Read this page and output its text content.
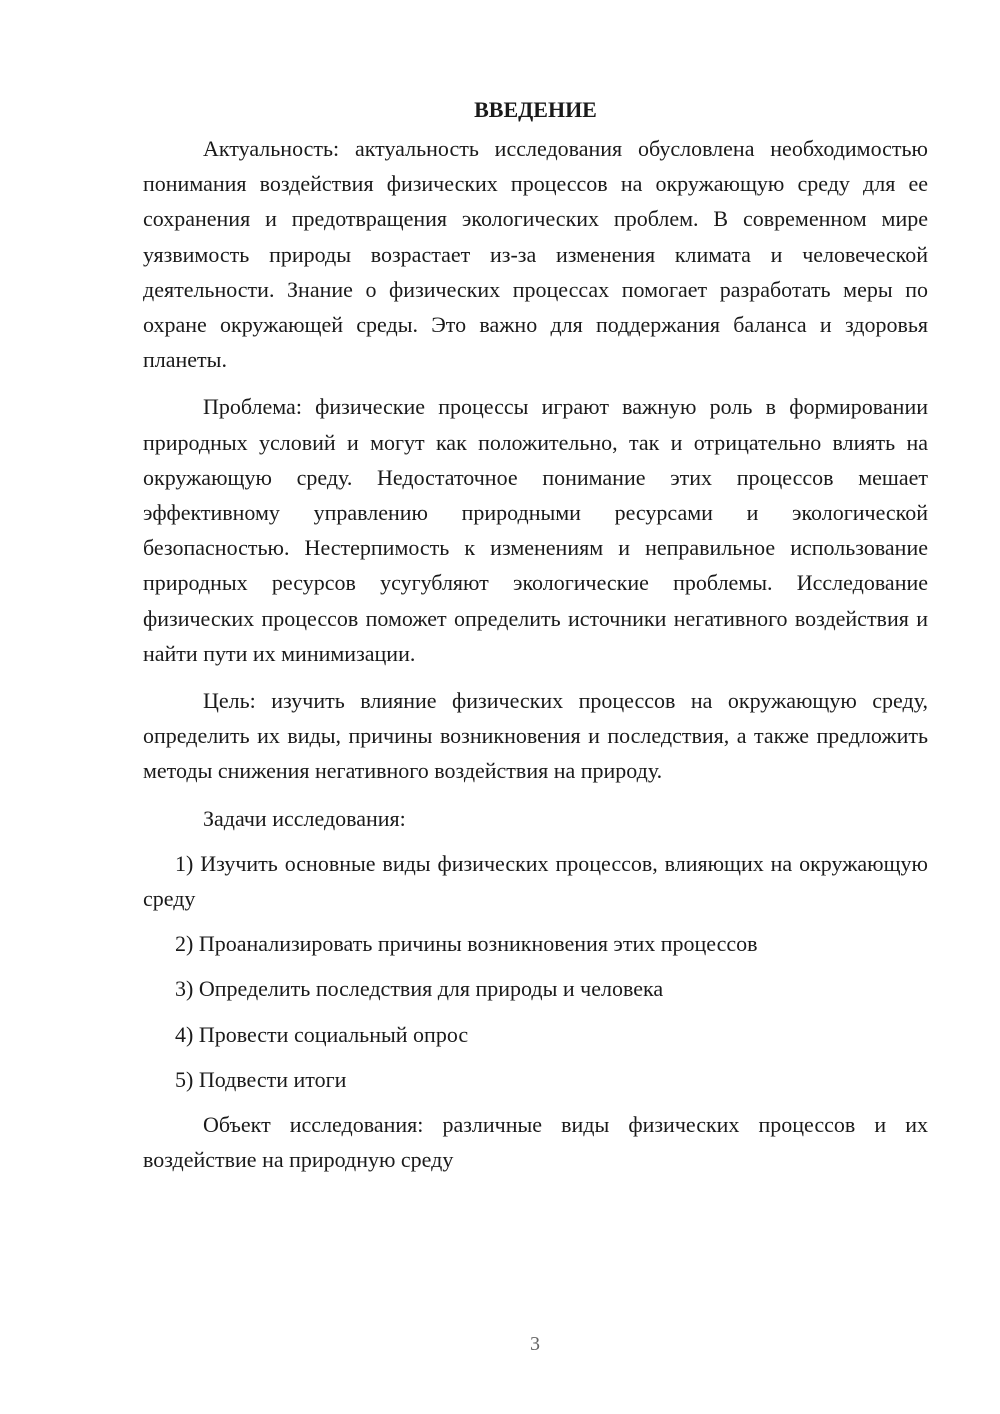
ВВЕДЕНИЕ

Актуальность: актуальность исследования обусловлена необходимостью понимания воздействия физических процессов на окружающую среду для ее сохранения и предотвращения экологических проблем. В современном мире уязвимость природы возрастает из-за изменения климата и человеческой деятельности. Знание о физических процессах помогает разработать меры по охране окружающей среды. Это важно для поддержания баланса и здоровья планеты.

Проблема: физические процессы играют важную роль в формировании природных условий и могут как положительно, так и отрицательно влиять на окружающую среду. Недостаточное понимание этих процессов мешает эффективному управлению природными ресурсами и экологической безопасностью. Нестерпимость к изменениям и неправильное использование природных ресурсов усугубляют экологические проблемы. Исследование физических процессов поможет определить источники негативного воздействия и найти пути их минимизации.

Цель: изучить влияние физических процессов на окружающую среду, определить их виды, причины возникновения и последствия, а также предложить методы снижения негативного воздействия на природу.

Задачи исследования:

1) Изучить основные виды физических процессов, влияющих на окружающую среду

2) Проанализировать причины возникновения этих процессов

3) Определить последствия для природы и человека

4) Провести социальный опрос

5) Подвести итоги

Объект исследования: различные виды физических процессов и их воздействие на природную среду

3
